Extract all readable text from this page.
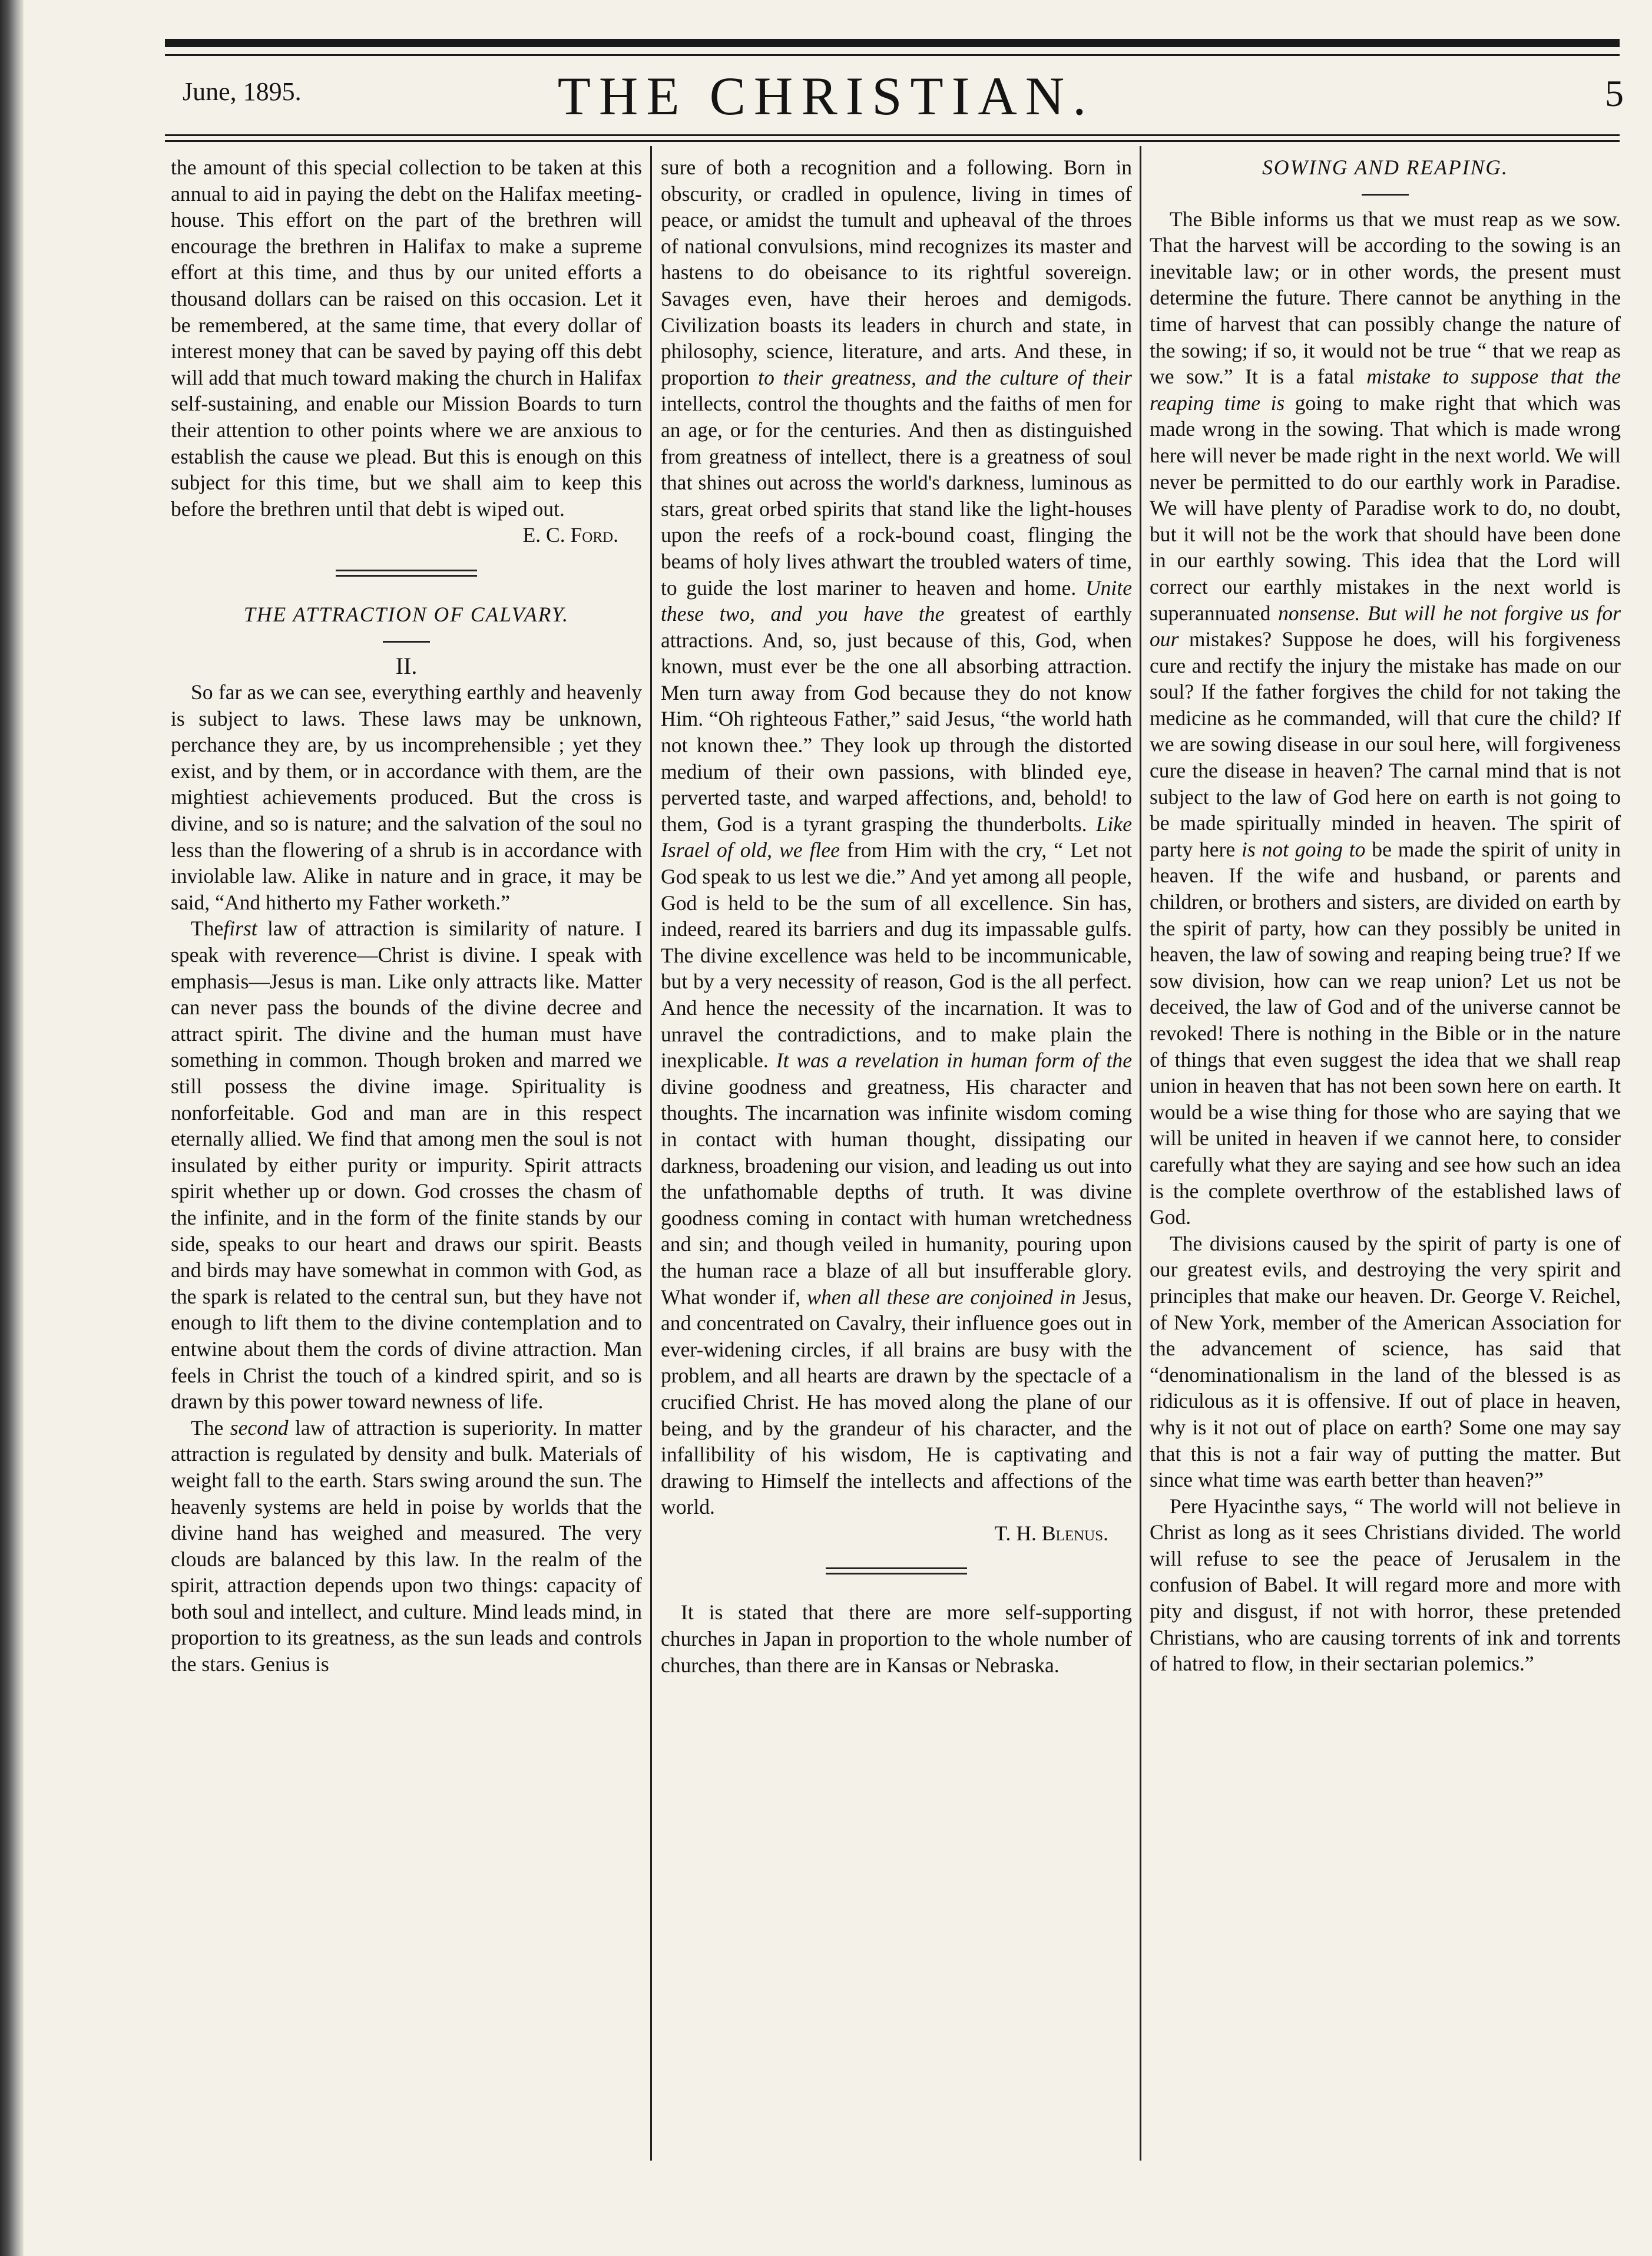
June, 1895.	THE CHRISTIAN.	5

the amount of this special collection to be taken at this annual to aid in paying the debt on the Halifax meeting-house. This effort on the part of the brethren will encourage the brethren in Halifax to make a supreme effort at this time, and thus by our united efforts a thousand dollars can be raised on this occasion. Let it be remembered, at the same time, that every dollar of interest money that can be saved by paying off this debt will add that much toward making the church in Halifax self-sustaining, and enable our Mission Boards to turn their attention to other points where we are anxious to establish the cause we plead. But this is enough on this subject for this time, but we shall aim to keep this before the brethren until that debt is wiped out.

E. C. Ford.

THE ATTRACTION OF CALVARY.

II.

So far as we can see, everything earthly and heavenly is subject to laws. These laws may be unknown, perchance they are, by us incomprehensible ; yet they exist, and by them, or in accordance with them, are the mightiest achievements produced. But the cross is divine, and so is nature; and the salvation of the soul no less than the flowering of a shrub is in accordance with inviolable law. Alike in nature and in grace, it may be said, “And hitherto my Father worketh.”

Thefirst law of attraction is similarity of nature. I speak with reverence—Christ is divine. I speak with emphasis—Jesus is man. Like only attracts like. Matter can never pass the bounds of the divine decree and attract spirit. The divine and the human must have something in common. Though broken and marred we still possess the divine image. Spirituality is nonforfeitable. God and man are in this respect eternally allied. We find that among men the soul is not insulated by either purity or impurity. Spirit attracts spirit whether up or down. God crosses the chasm of the infinite, and in the form of the finite stands by our side, speaks to our heart and draws our spirit. Beasts and birds may have somewhat in common with God, as the spark is related to the central sun, but they have not enough to lift them to the divine contemplation and to entwine about them the cords of divine attraction. Man feels in Christ the touch of a kindred spirit, and so is drawn by this power toward newness of life.

The second law of attraction is superiority. In matter attraction is regulated by density and bulk. Materials of weight fall to the earth. Stars swing around the sun. The heavenly systems are held in poise by worlds that the divine hand has weighed and measured. The very clouds are balanced by this law. In the realm of the spirit, attraction depends upon two things: capacity of both soul and intellect, and culture. Mind leads mind, in proportion to its greatness, as the sun leads and controls the stars. Genius is

sure of both a recognition and a following. Born in obscurity, or cradled in opulence, living in times of peace, or amidst the tumult and upheaval of the throes of national convulsions, mind recognizes its master and hastens to do obeisance to its rightful sovereign. Savages even, have their heroes and demigods. Civilization boasts its leaders in church and state, in philosophy, science, literature, and arts. And these, in proportion to their greatness, and the culture of their intellects, control the thoughts and the faiths of men for an age, or for the centuries. And then as distinguished from greatness of intellect, there is a greatness of soul that shines out across the world's darkness, luminous as stars, great orbed spirits that stand like the light-houses upon the reefs of a rock-bound coast, flinging the beams of holy lives athwart the troubled waters of time, to guide the lost mariner to heaven and home. Unite these two, and you have the greatest of earthly attractions. And, so, just because of this, God, when known, must ever be the one all absorbing attraction. Men turn away from God because they do not know Him. “Oh righteous Father,” said Jesus, “the world hath not known thee.” They look up through the distorted medium of their own passions, with blinded eye, perverted taste, and warped affections, and, behold! to them, God is a tyrant grasping the thunderbolts. Like Israel of old, we flee from Him with the cry, “ Let not God speak to us lest we die.” And yet among all people, God is held to be the sum of all excellence. Sin has, indeed, reared its barriers and dug its impassable gulfs. The divine excellence was held to be incommunicable, but by a very necessity of reason, God is the all perfect. And hence the necessity of the incarnation. It was to unravel the contradictions, and to make plain the inexplicable. It was a revelation in human form of the divine goodness and greatness, His character and thoughts. The incarnation was infinite wisdom coming in contact with human thought, dissipating our darkness, broadening our vision, and leading us out into the unfathomable depths of truth. It was divine goodness coming in contact with human wretchedness and sin; and though veiled in humanity, pouring upon the human race a blaze of all but insufferable glory. What wonder if, when all these are conjoined in Jesus, and concentrated on Cavalry, their influence goes out in ever-widening circles, if all brains are busy with the problem, and all hearts are drawn by the spectacle of a crucified Christ. He has moved along the plane of our being, and by the grandeur of his character, and the infallibility of his wisdom, He is captivating and drawing to Himself the intellects and affections of the world.

T. H. Blenus.

It is stated that there are more self-supporting churches in Japan in proportion to the whole number of churches, than there are in Kansas or Nebraska.

SOWING AND REAPING.

The Bible informs us that we must reap as we sow. That the harvest will be according to the sowing is an inevitable law; or in other words, the present must determine the future. There cannot be anything in the time of harvest that can possibly change the nature of the sowing; if so, it would not be true “ that we reap as we sow.” It is a fatal mistake to suppose that the reaping time is going to make right that which was made wrong in the sowing. That which is made wrong here will never be made right in the next world. We will never be permitted to do our earthly work in Paradise. We will have plenty of Paradise work to do, no doubt, but it will not be the work that should have been done in our earthly sowing. This idea that the Lord will correct our earthly mistakes in the next world is superannuated nonsense. But will he not forgive us for our mistakes? Suppose he does, will his forgiveness cure and rectify the injury the mistake has made on our soul? If the father forgives the child for not taking the medicine as he commanded, will that cure the child? If we are sowing disease in our soul here, will forgiveness cure the disease in heaven? The carnal mind that is not subject to the law of God here on earth is not going to be made spiritually minded in heaven. The spirit of party here is not going to be made the spirit of unity in heaven. If the wife and husband, or parents and children, or brothers and sisters, are divided on earth by the spirit of party, how can they possibly be united in heaven, the law of sowing and reaping being true? If we sow division, how can we reap union? Let us not be deceived, the law of God and of the universe cannot be revoked! There is nothing in the Bible or in the nature of things that even suggest the idea that we shall reap union in heaven that has not been sown here on earth. It would be a wise thing for those who are saying that we will be united in heaven if we cannot here, to consider carefully what they are saying and see how such an idea is the complete overthrow of the established laws of God.

The divisions caused by the spirit of party is one of our greatest evils, and destroying the very spirit and principles that make our heaven. Dr. George V. Reichel, of New York, member of the American Association for the advancement of science, has said that “denominationalism in the land of the blessed is as ridiculous as it is offensive. If out of place in heaven, why is it not out of place on earth? Some one may say that this is not a fair way of putting the matter. But since what time was earth better than heaven?”

Pere Hyacinthe says, “ The world will not believe in Christ as long as it sees Christians divided. The world will refuse to see the peace of Jerusalem in the confusion of Babel. It will regard more and more with pity and disgust, if not with horror, these pretended Christians, who are causing torrents of ink and torrents of hatred to flow, in their sectarian polemics.”
